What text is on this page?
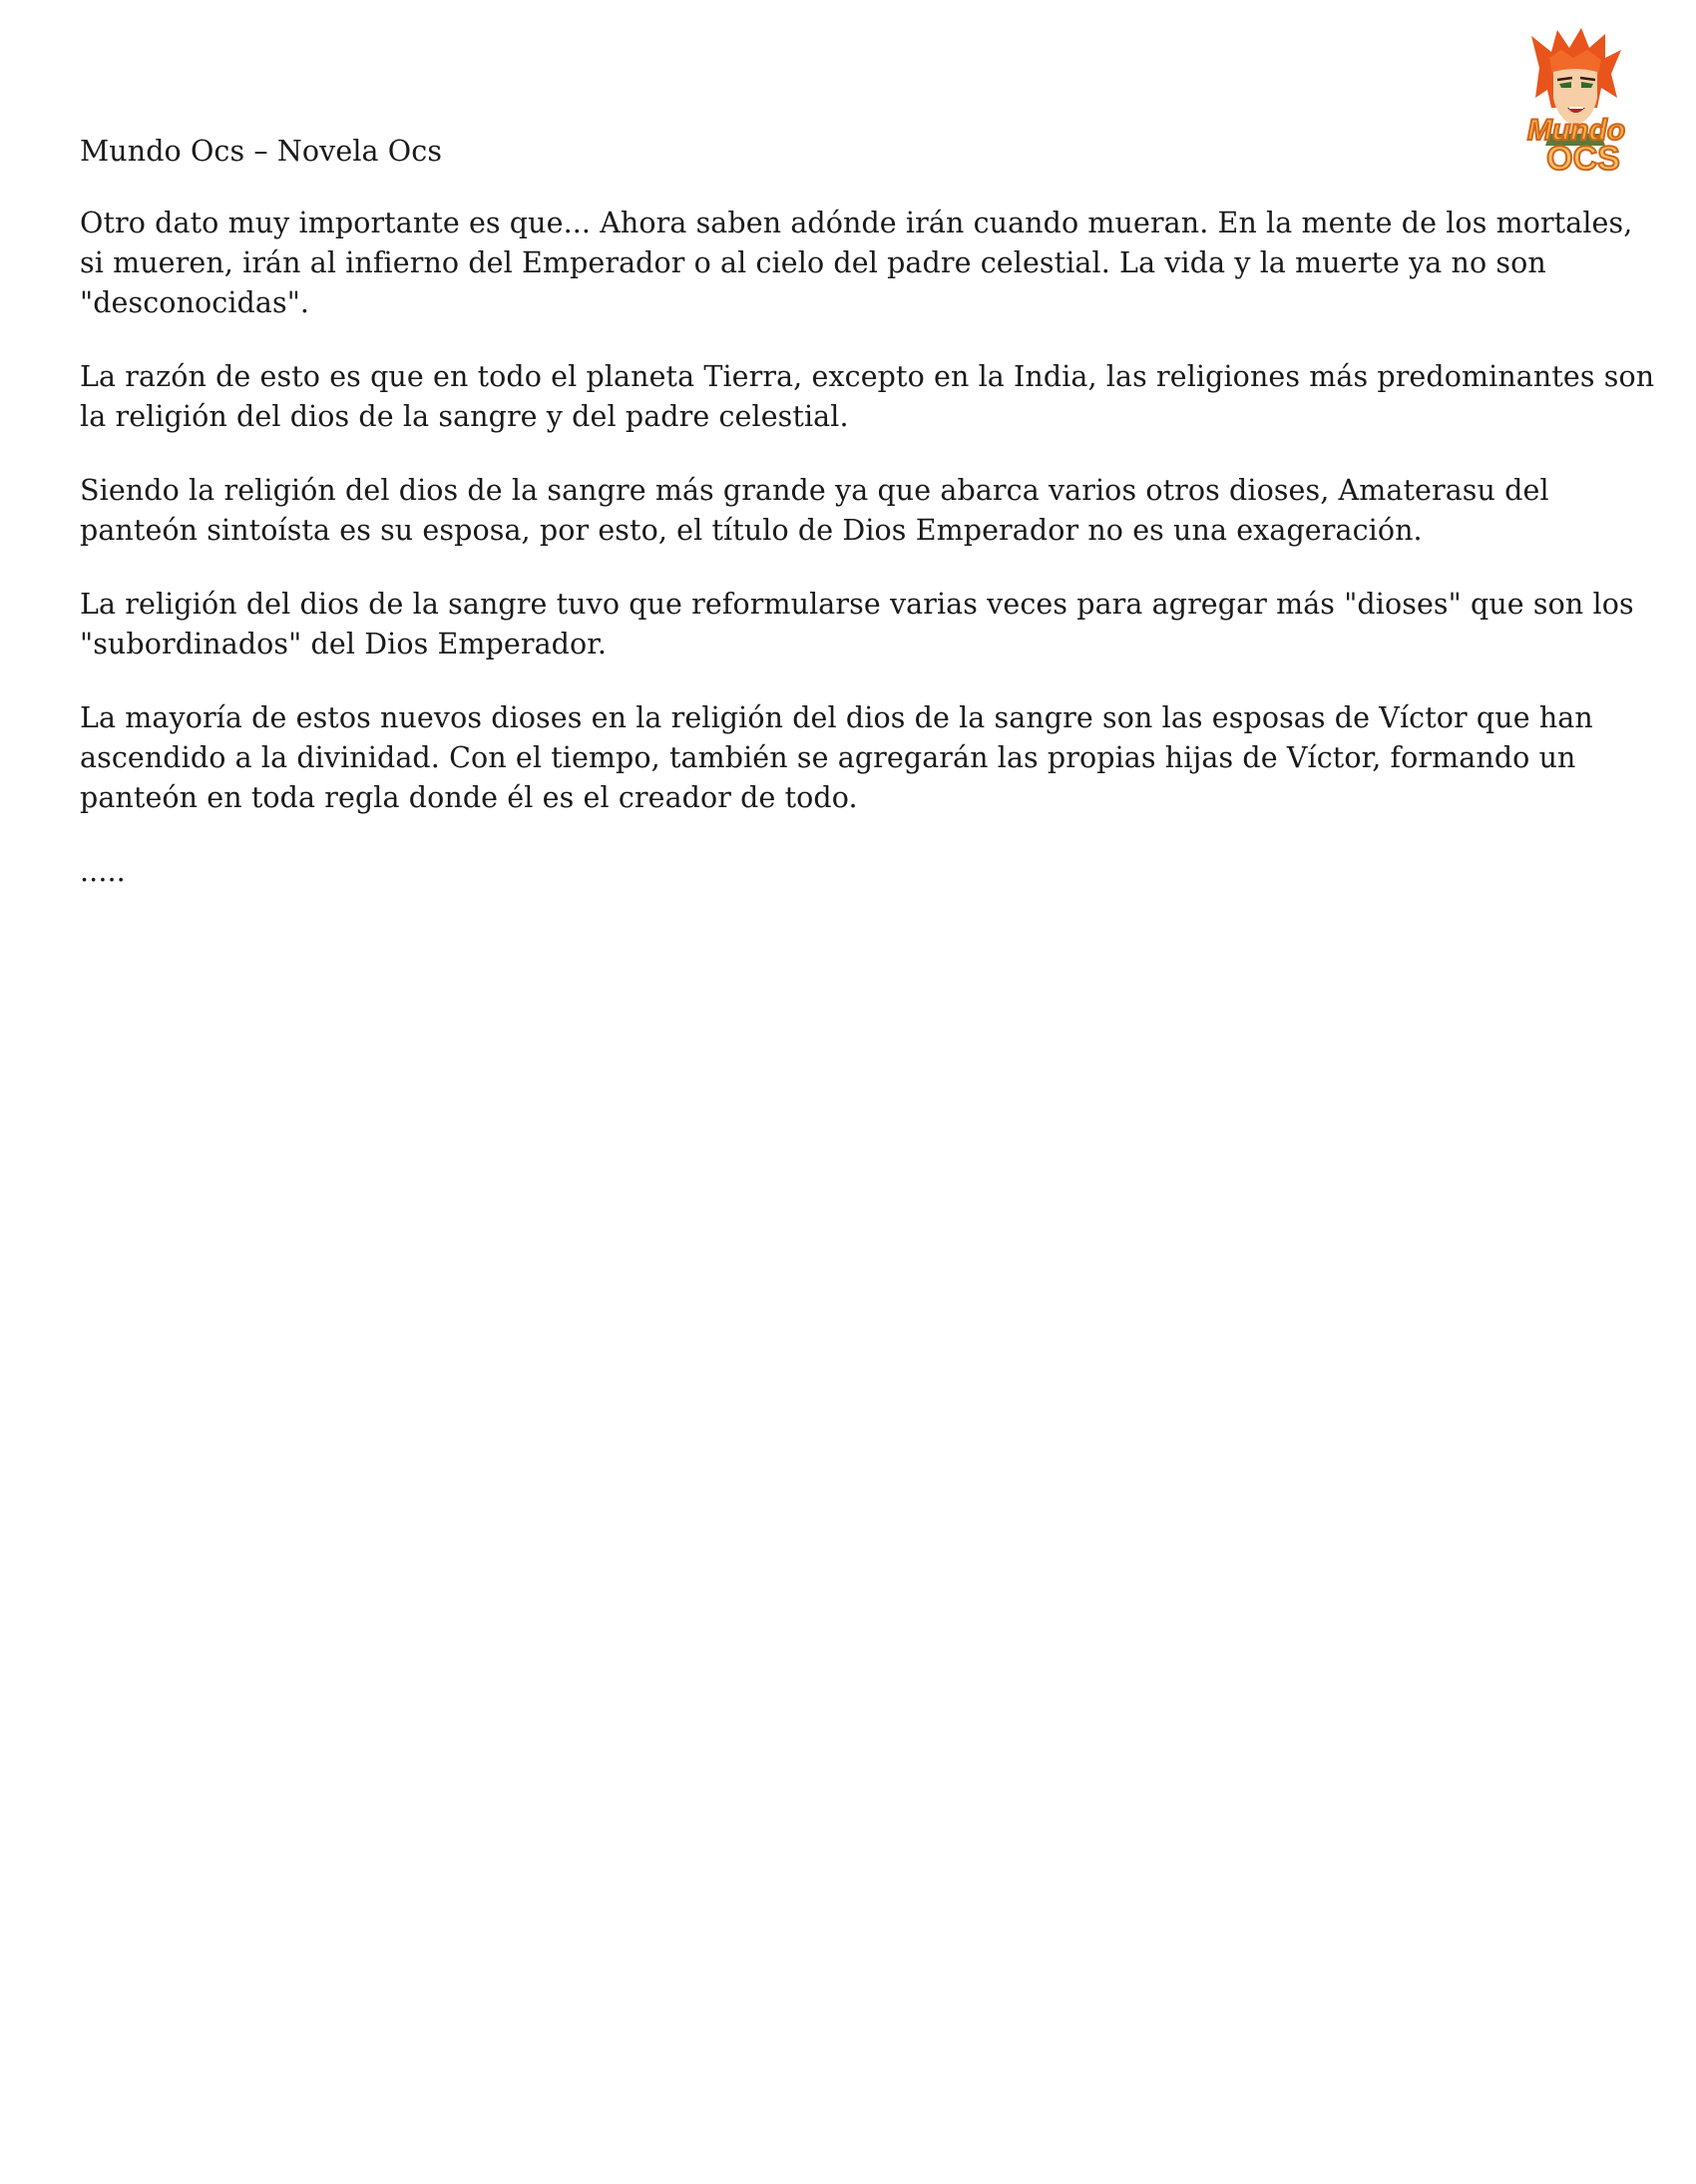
Mundo
OCS

Mundo Ocs – Novela Ocs

Otro dato muy importante es que... Ahora saben adónde irán cuando mueran. En la mente de los mortales, si mueren, irán al infierno del Emperador o al cielo del padre celestial. La vida y la muerte ya no son "desconocidas".

La razón de esto es que en todo el planeta Tierra, excepto en la India, las religiones más predominantes son la religión del dios de la sangre y del padre celestial.

Siendo la religión del dios de la sangre más grande ya que abarca varios otros dioses, Amaterasu del panteón sintoísta es su esposa, por esto, el título de Dios Emperador no es una exageración.

La religión del dios de la sangre tuvo que reformularse varias veces para agregar más "dioses" que son los "subordinados" del Dios Emperador.

La mayoría de estos nuevos dioses en la religión del dios de la sangre son las esposas de Víctor que han ascendido a la divinidad. Con el tiempo, también se agregarán las propias hijas de Víctor, formando un panteón en toda regla donde él es el creador de todo.

.....
